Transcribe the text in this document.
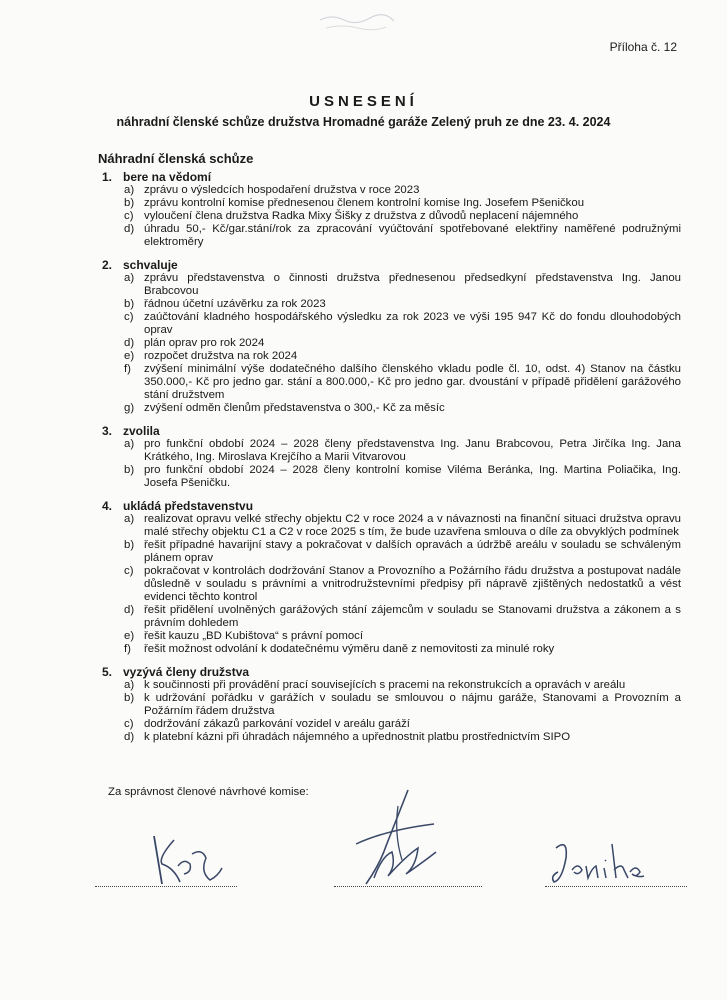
Příloha č. 12
USNESENÍ
náhradní členské schůze družstva Hromadné garáže Zelený pruh ze dne 23. 4. 2024
Náhradní členská schůze
1. bere na vědomí
a) zprávu o výsledcích hospodaření družstva v roce 2023
b) zprávu kontrolní komise přednesenou členem kontrolní komise Ing. Josefem Pšeničkou
c) vyloučení člena družstva Radka Mixy Šišky z družstva z důvodů neplacení nájemného
d) úhradu 50,- Kč/gar.stání/rok za zpracování vyúčtování spotřebované elektřiny naměřené podružnými elektroměry
2. schvaluje
a) zprávu představenstva o činnosti družstva přednesenou předsedkyní představenstva Ing. Janou Brabcovou
b) řádnou účetní uzávěrku za rok 2023
c) zaúčtování kladného hospodářského výsledku za rok 2023 ve výši 195 947 Kč do fondu dlouhodobých oprav
d) plán oprav pro rok 2024
e) rozpočet družstva na rok 2024
f) zvýšení minimální výše dodatečného dalšího členského vkladu podle čl. 10, odst. 4) Stanov na částku 350.000,- Kč pro jedno gar. stání a 800.000,- Kč pro jedno gar. dvoustání v případě přidělení garážového stání družstvem
g) zvýšení odměn členům představenstva o 300,- Kč za měsíc
3. zvolila
a) pro funkční období 2024 – 2028 členy představenstva Ing. Janu Brabcovou, Petra Jirčíka Ing. Jana Krátkého, Ing. Miroslava Krejčího a Marii Vitvarovou
b) pro funkční období 2024 – 2028 členy kontrolní komise Viléma Beránka, Ing. Martina Poliačika, Ing. Josefa Pšeničku.
4. ukládá představenstvu
a) realizovat opravu velké střechy objektu C2 v roce 2024 a v návaznosti na finanční situaci družstva opravu malé střechy objektu C1 a C2 v roce 2025 s tím, že bude uzavřena smlouva o díle za obvyklých podmínek
b) řešit případné havarijní stavy a pokračovat v dalších opravách a údržbě areálu v souladu se schváleným plánem oprav
c) pokračovat v kontrolách dodržování Stanov a Provozního a Požárního řádu družstva a postupovat nadále důsledně v souladu s právními a vnitrodružstevními předpisy při nápravě zjištěných nedostatků a vést evidenci těchto kontrol
d) řešit přidělení uvolněných garážových stání zájemcům v souladu se Stanovami družstva a zákonem a s právním dohledem
e) řešit kauzu „BD Kubištova“ s právní pomocí
f) řešit možnost odvolání k dodatečnému výměru daně z nemovitosti za minulé roky
5. vyzývá členy družstva
a) k součinnosti při provádění prací souvisejících s pracemi na rekonstrukcích a opravách v areálu
b) k udržování pořádku v garážích v souladu se smlouvou o nájmu garáže, Stanovami a Provozním a Požárním řádem družstva
c) dodržování zákazů parkování vozidel v areálu garáží
d) k platební kázni při úhradách nájemného a upřednostnit platbu prostřednictvím SIPO
Za správnost členové návrhové komise:
